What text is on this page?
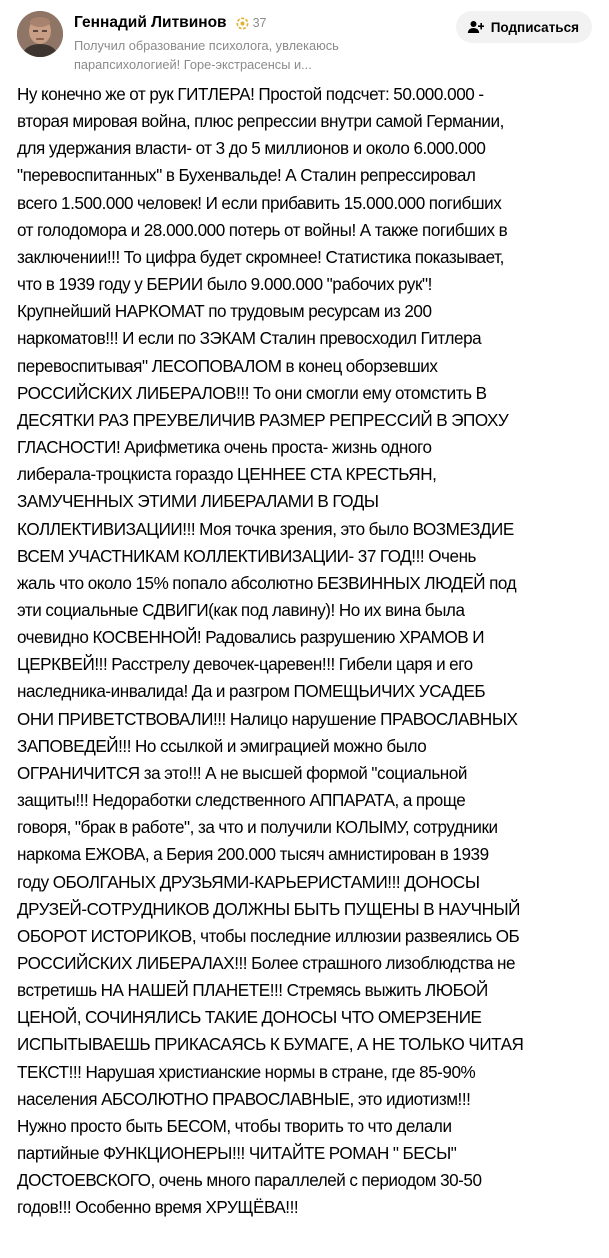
Геннадий Литвинов 37
Получил образование психолога, увлекаюсь
парапсихологией! Горе-экстрасенсы и...
Подписаться
Ну конечно же от рук ГИТЛЕРА! Простой подсчет: 50.000.000 -
вторая мировая война, плюс репрессии внутри самой Германии,
для удержания власти- от 3 до 5 миллионов и около 6.000.000
"перевоспитанных" в Бухенвальде! А Сталин репрессировал
всего 1.500.000 человек! И если прибавить 15.000.000 погибших
от голодомора и 28.000.000 потерь от войны! А также погибших в
заключении!!! То цифра будет скромнее! Статистика показывает,
что в 1939 году у БЕРИИ было 9.000.000 "рабочих рук"!
Крупнейший НАРКОМАТ по трудовым ресурсам из 200
наркоматов!!! И если по ЗЭКАМ Сталин превосходил Гитлера
перевоспитывая" ЛЕСОПОВАЛОМ в конец оборзевших
РОССИЙСКИХ ЛИБЕРАЛОВ!!! То они смогли ему отомстить В
ДЕСЯТКИ РАЗ ПРЕУВЕЛИЧИВ РАЗМЕР РЕПРЕССИЙ В ЭПОХУ
ГЛАСНОСТИ! Арифметика очень проста- жизнь одного
либерала-троцкиста гораздо ЦЕННЕЕ СТА КРЕСТЬЯН,
ЗАМУЧЕННЫХ ЭТИМИ ЛИБЕРАЛАМИ В ГОДЫ
КОЛЛЕКТИВИЗАЦИИ!!! Моя точка зрения, это было ВОЗМЕЗДИЕ
ВСЕМ УЧАСТНИКАМ КОЛЛЕКТИВИЗАЦИИ- 37 ГОД!!! Очень
жаль что около 15% попало абсолютно БЕЗВИННЫХ ЛЮДЕЙ под
эти социальные СДВИГИ(как под лавину)! Но их вина была
очевидно КОСВЕННОЙ! Радовались разрушению ХРАМОВ И
ЦЕРКВЕЙ!!! Расстрелу девочек-царевен!!! Гибели царя и его
наследника-инвалида! Да и разгром ПОМЕЩЬИЧИХ УСАДЕБ
ОНИ ПРИВЕТСТВОВАЛИ!!! Налицо нарушение ПРАВОСЛАВНЫХ
ЗАПОВЕДЕЙ!!! Но ссылкой и эмиграцией можно было
ОГРАНИЧИТСЯ за это!!! А не высшей формой "социальной
защиты!!! Недоработки следственного АППАРАТА, а проще
говоря, "брак в работе", за что и получили КОЛЫМУ, сотрудники
наркома ЕЖОВА, а Берия 200.000 тысяч амнистирован в 1939
году ОБОЛГАНЫХ ДРУЗЬЯМИ-КАРЬЕРИСТАМИ!!! ДОНОСЫ
ДРУЗЕЙ-СОТРУДНИКОВ ДОЛЖНЫ БЫТЬ ПУЩЕНЫ В НАУЧНЫЙ
ОБОРОТ ИСТОРИКОВ, чтобы последние иллюзии развеялись ОБ
РОССИЙСКИХ ЛИБЕРАЛАХ!!! Более страшного лизоблюдства не
встретишь НА НАШЕЙ ПЛАНЕТЕ!!! Стремясь выжить ЛЮБОЙ
ЦЕНОЙ, СОЧИНЯЛИСЬ ТАКИЕ ДОНОСЫ ЧТО ОМЕРЗЕНИЕ
ИСПЫТЫВАЕШЬ ПРИКАСАЯСЬ К БУМАГЕ, А НЕ ТОЛЬКО ЧИТАЯ
ТЕКСТ!!! Нарушая христианские нормы в стране, где 85-90%
населения АБСОЛЮТНО ПРАВОСЛАВНЫЕ, это идиотизм!!!
Нужно просто быть БЕСОМ, чтобы творить то что делали
партийные ФУНКЦИОНЕРЫ!!! ЧИТАЙТЕ РОМАН " БЕСЫ"
ДОСТОЕВСКОГО, очень много параллелей с периодом 30-50
годов!!! Особенно время ХРУЩЁВА!!!
